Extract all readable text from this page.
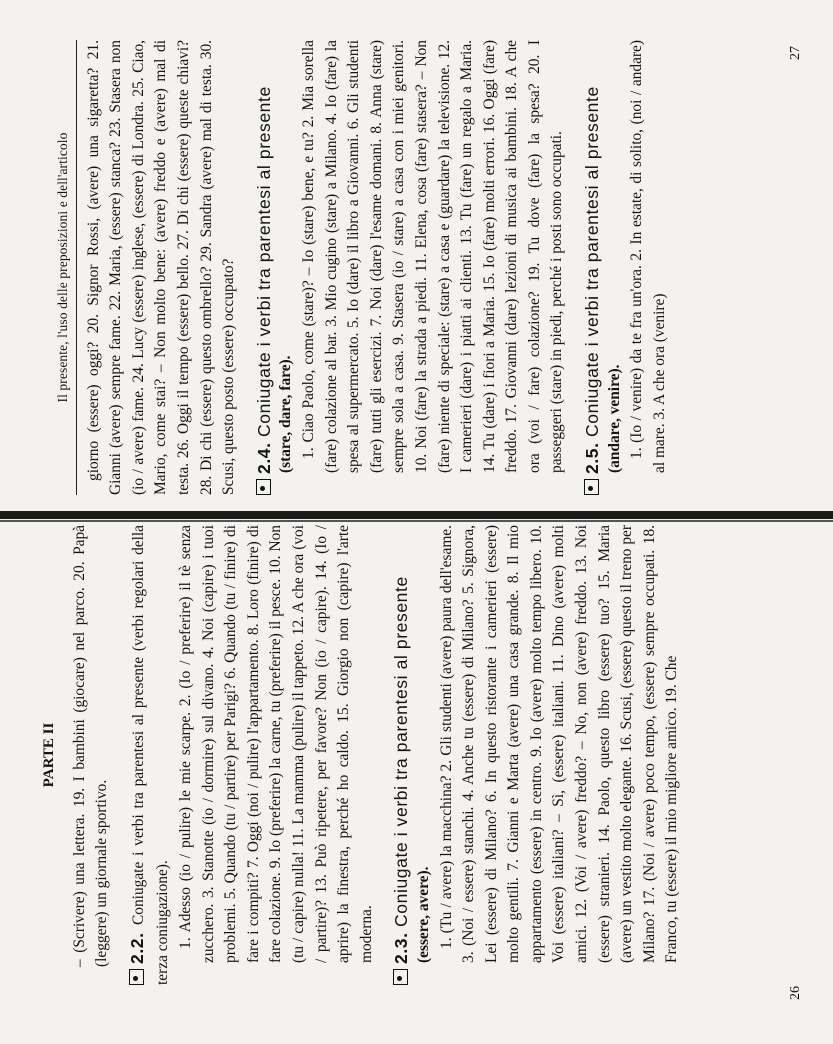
Il presente, l'uso delle preposizioni e dell'articolo giorno (essere) oggi? 20. Signor Rossi, (avere) una sigaretta? 21. Gianni (avere) sempre fame. 22. Maria, (essere) stanca? 23. Stasera non (io / avere) fame. 24. Lucy (essere) inglese, (essere) di Londra. 25. Ciao, Mario, come stai? – Non molto bene: (avere) freddo e (avere) mal di testa. 26. Oggi il tempo (essere) bello. 27. Di chi (essere) queste chiavi? 28. Di chi (essere) questo ombrello? 29. Sandra (avere) mal di testa. 30. Scusi, questo posto (essere) occupato? 2.4. Coniugate i verbi tra parentesi al presente (stare, dare, fare). 1. Ciao Paolo, come (stare)? – Io (stare) bene, e tu? 2. Mia sorella (fare) colazione al bar. 3. Mio cugino (stare) a Milano. 4. Io (fare) la spesa al supermercato. 5. Io (dare) il libro a Giovanni. 6. Gli studenti (fare) tutti gli esercizi. 7. Noi (dare) l'esame domani. 8. Anna (stare) sempre sola a casa. 9. Stasera (io / stare) a casa con i miei genitori. 10. Noi (fare) la strada a piedi. 11. Elena, cosa (fare) stasera? – Non (fare) niente di speciale: (stare) a casa e (guardare) la televisione. 12. I camerieri (dare) i piatti ai clienti. 13. Tu (fare) un regalo a Maria. 14. Tu (dare) i fiori a Maria. 15. Io (fare) molti errori. 16. Oggi (fare) freddo. 17. Giovanni (dare) lezioni di musica ai bambini. 18. A che ora (voi / fare) colazione? 19. Tu dove (fare) la spesa? 20. I passeggeri (stare) in piedi, perché i posti sono occupati. 2.5. Coniugate i verbi tra parentesi al presente (andare, venire). 1. (Io / venire) da te fra un'ora. 2. In estate, di solito, (noi / andare) al mare. 3. A che ora (venire)

27
PARTE II – (Scrivere) una lettera. 19. I bambini (giocare) nel parco. 20. Papà (leggere) un giornale sportivo. 2.2. Coniugate i verbi tra parentesi al presente (verbi regolari della terza coniugazione). 1. Adesso (io / pulire) le mie scarpe. 2. (Io / preferire) il tè senza zucchero. 3. Stanotte (io / dormire) sul divano. 4. Noi (capire) i tuoi problemi. 5. Quando (tu / partire) per Parigi? 6. Quando (tu / finire) di fare i compiti? 7. Oggi (noi / pulire) l'appartamento. 8. Loro (finire) di fare colazione. 9. Io (preferire) la carne, tu (preferire) il pesce. 10. Non (tu / capire) nulla! 11. La mamma (pulire) il tappeto. 12. A che ora (voi / partire)? 13. Può ripetere, per favore? Non (io / capire). 14. (Io / aprire) la finestra, perché ho caldo. 15. Giorgio non (capire) l'arte moderna. 2.3. Coniugate i verbi tra parentesi al presente (essere, avere). 1. (Tu / avere) la macchina? 2. Gli studenti (avere) paura dell'esame. 3. (Noi / essere) stanchi. 4. Anche tu (essere) di Milano? 5. Signora, Lei (essere) di Milano? 6. In questo ristorante i camerieri (essere) molto gentili. 7. Gianni e Marta (avere) una casa grande. 8. Il mio appartamento (essere) in centro. 9. Io (avere) molto tempo libero. 10. Voi (essere) italiani? – Sì, (essere) italiani. 11. Dino (avere) molti amici. 12. (Voi / avere) freddo? – No, non (avere) freddo. 13. Noi (essere) stranieri. 14. Paolo, questo libro (essere) tuo? 15. Maria (avere) un vestito molto elegante. 16. Scusi, (essere) questo il treno per Milano? 17. (Noi / avere) poco tempo, (essere) sempre occupati. 18. Franco, tu (essere) il mio migliore amico. 19. Che

26
